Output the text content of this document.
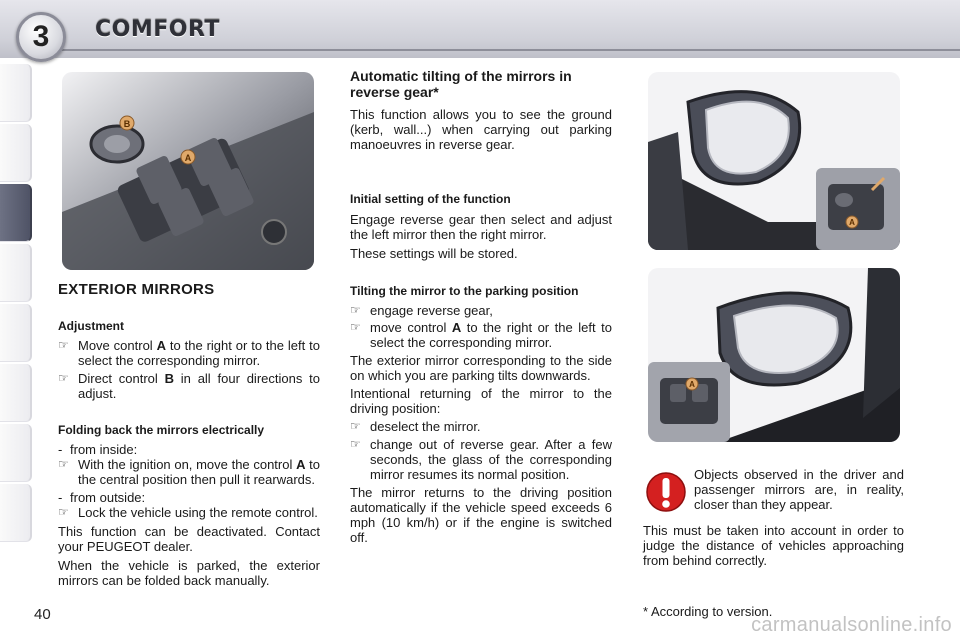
3	COMFORT
B
A
A
A
EXTERIOR MIRRORS
Adjustment
☞ Move control A to the right or to the left to select the corresponding mirror.
☞ Direct control B in all four directions to adjust.
Folding back the mirrors electrically
- from inside:
☞ With the ignition on, move the control A to the central position then pull it rearwards.
- from outside:
☞ Lock the vehicle using the remote control.

This function can be deactivated. Contact your PEUGEOT dealer.

When the vehicle is parked, the exterior mirrors can be folded back manually.

Automatic tilting of the mirrors in reverse gear*

This function allows you to see the ground (kerb, wall...) when carrying out parking manoeuvres in reverse gear.

Initial setting of the function

Engage reverse gear then select and adjust the left mirror then the right mirror.

These settings will be stored.

Tilting the mirror to the parking position
☞ engage reverse gear,
☞ move control A to the right or the left to select the corresponding mirror.

The exterior mirror corresponding to the side on which you are parking tilts downwards.

Intentional returning of the mirror to the driving position:

☞ deselect the mirror.
☞ change out of reverse gear. After a few seconds, the glass of the corresponding mirror resumes its normal position.

The mirror returns to the driving position automatically if the vehicle speed exceeds 6 mph (10 km/h) or if the engine is switched off.

Objects observed in the driver and passenger mirrors are, in reality, closer than they appear.

This must be taken into account in order to judge the distance of vehicles approaching from behind correctly.

* According to version.
40	carmanualsonline.info
